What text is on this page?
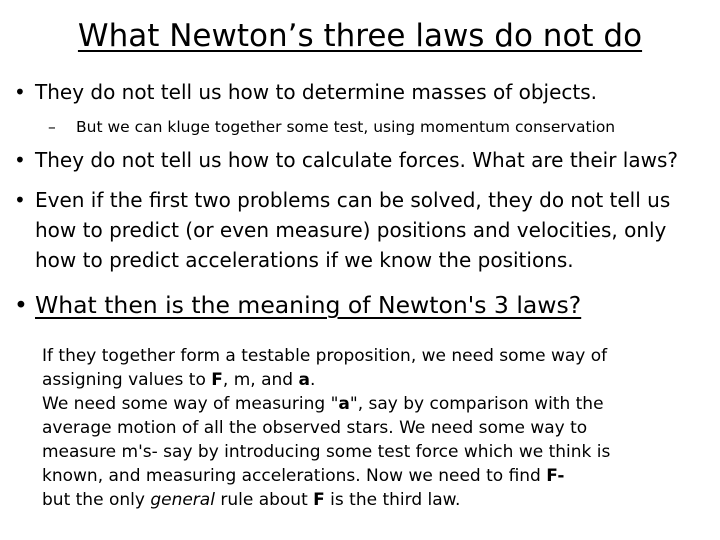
What Newton’s three laws do not do
• They do not tell us how to determine masses of objects.
– But we can kluge together some test, using momentum conservation
• They do not tell us how to calculate forces. What are their laws?
• Even if the first two problems can be solved, they do not tell us
how to predict (or even measure) positions and velocities, only
how to predict accelerations if we know the positions.
• What then is the meaning of Newton's 3 laws?
If they together form a testable proposition, we need some way of
assigning values to F, m, and a.
We need some way of measuring "a", say by comparison with the
average motion of all the observed stars. We need some way to
measure m's- say by introducing some test force which we think is
known, and measuring accelerations. Now we need to find F-
but the only general rule about F is the third law.
